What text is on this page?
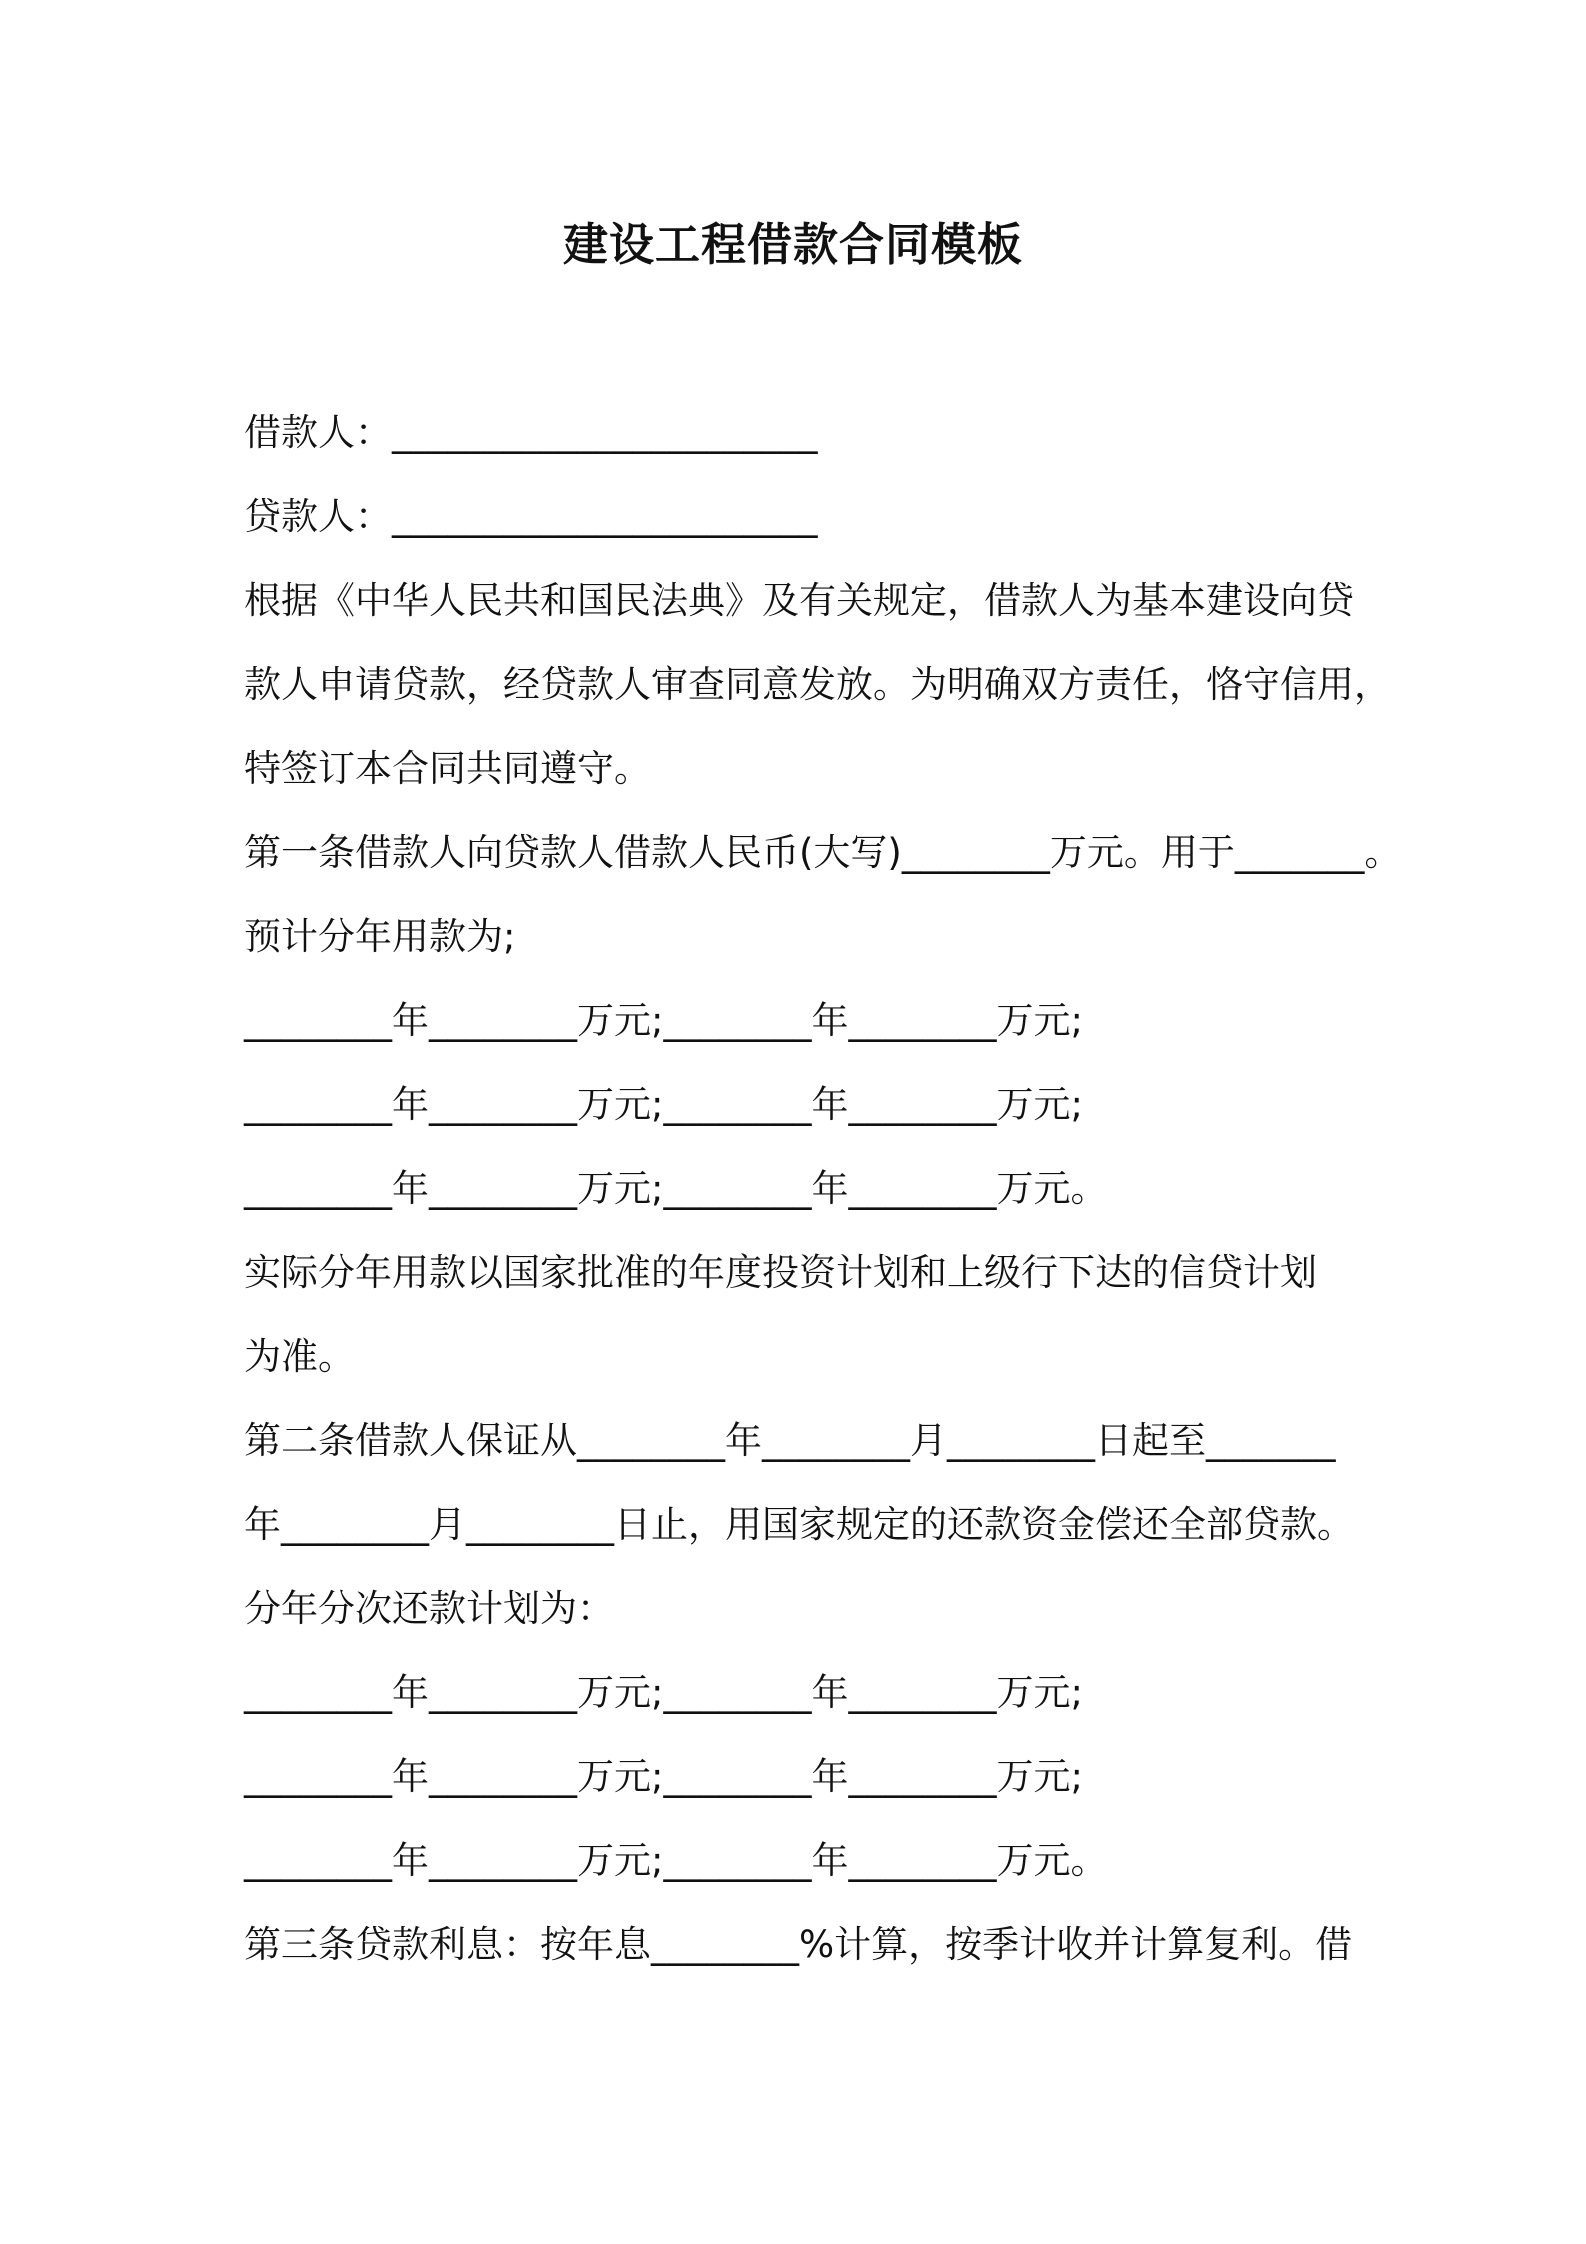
建设工程借款合同模板
借款人：_______________________
贷款人：_______________________
根据《中华人民共和国民法典》及有关规定，借款人为基本建设向贷
款人申请贷款，经贷款人审查同意发放。为明确双方责任，恪守信用，
特签订本合同共同遵守。
第一条借款人向贷款人借款人民币(大写)________万元。用于_______。
预计分年用款为;
________年________万元;________年________万元;
________年________万元;________年________万元;
________年________万元;________年________万元。
实际分年用款以国家批准的年度投资计划和上级行下达的信贷计划
为准。
第二条借款人保证从________年________月________日起至_______
年________月________日止，用国家规定的还款资金偿还全部贷款。
分年分次还款计划为：
________年________万元;________年________万元;
________年________万元;________年________万元;
________年________万元;________年________万元。
第三条贷款利息：按年息________%计算，按季计收并计算复利。借
